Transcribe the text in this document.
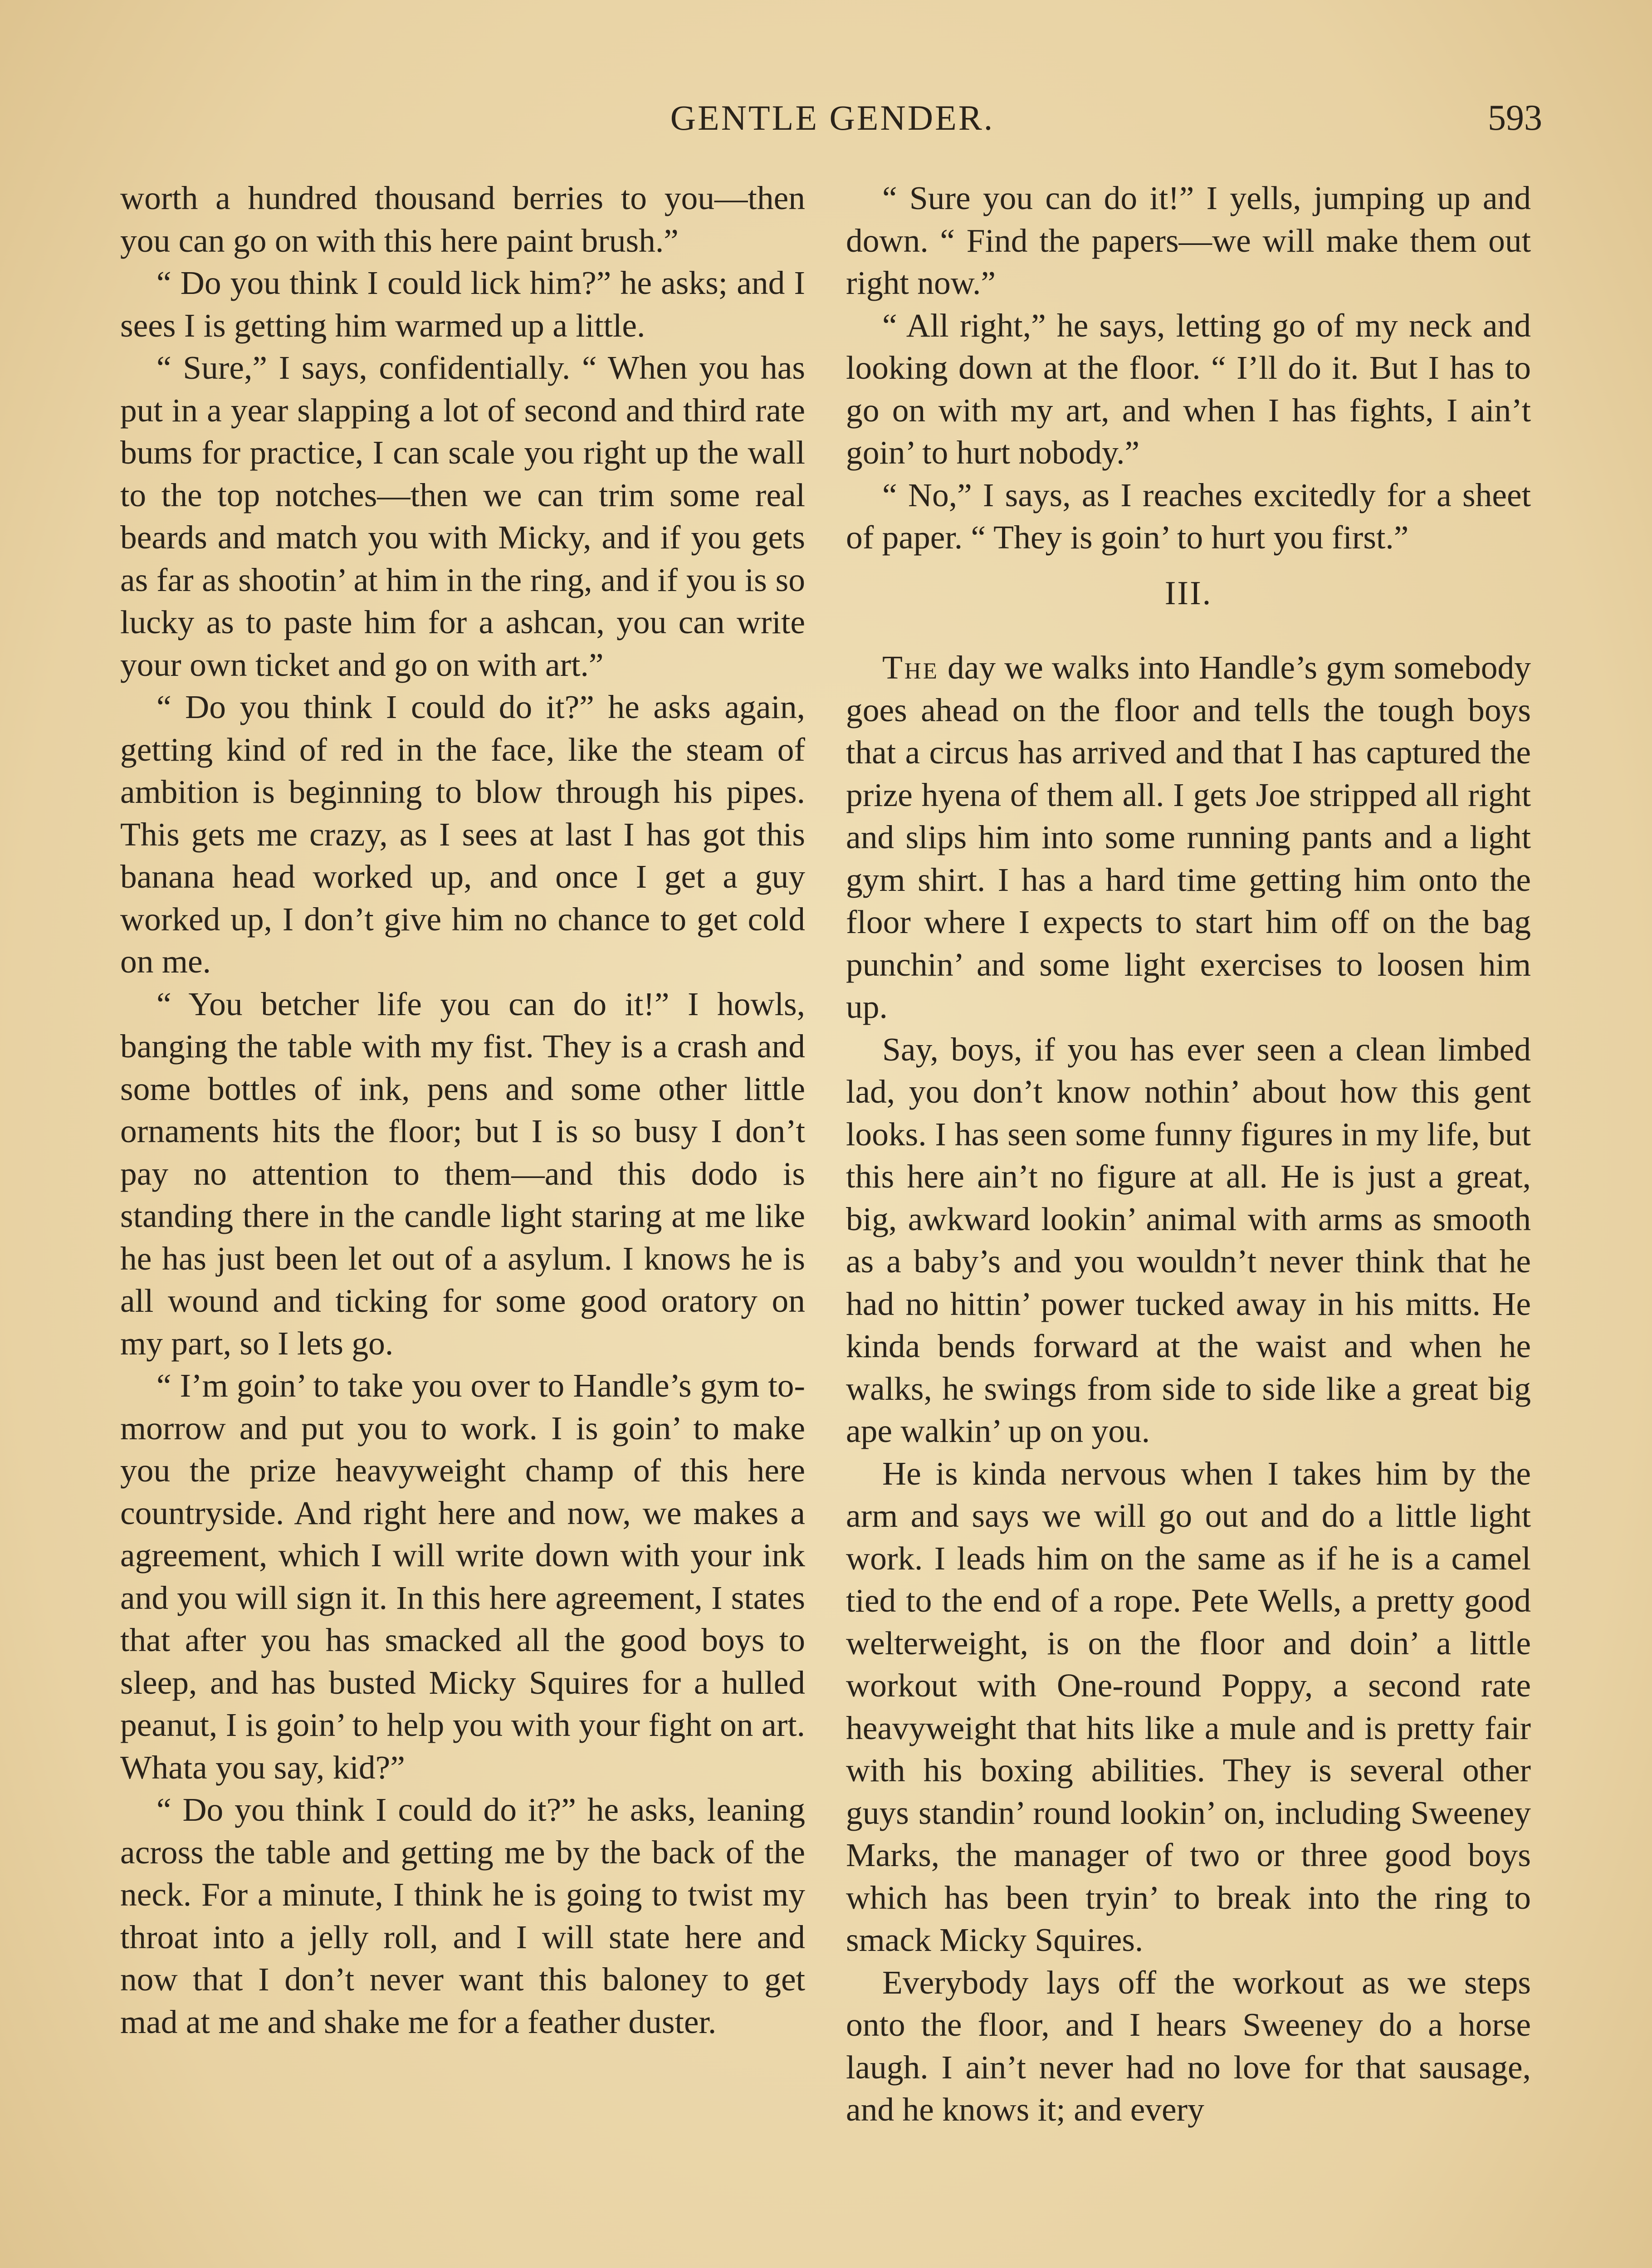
GENTLE GENDER.	593

worth a hundred thousand berries to you—then you can go on with this here paint brush.”

“ Do you think I could lick him?” he asks; and I sees I is getting him warmed up a little.

“ Sure,” I says, confidentially. “ When you has put in a year slapping a lot of second and third rate bums for practice, I can scale you right up the wall to the top notches—then we can trim some real beards and match you with Micky, and if you gets as far as shootin’ at him in the ring, and if you is so lucky as to paste him for a ashcan, you can write your own ticket and go on with art.”

“ Do you think I could do it?” he asks again, getting kind of red in the face, like the steam of ambition is beginning to blow through his pipes. This gets me crazy, as I sees at last I has got this banana head worked up, and once I get a guy worked up, I don’t give him no chance to get cold on me.

“ You betcher life you can do it!” I howls, banging the table with my fist. They is a crash and some bottles of ink, pens and some other little ornaments hits the floor; but I is so busy I don’t pay no attention to them—and this dodo is standing there in the candle light staring at me like he has just been let out of a asylum. I knows he is all wound and ticking for some good oratory on my part, so I lets go.

“ I’m goin’ to take you over to Handle’s gym to-morrow and put you to work. I is goin’ to make you the prize heavyweight champ of this here countryside. And right here and now, we makes a agreement, which I will write down with your ink and you will sign it. In this here agreement, I states that after you has smacked all the good boys to sleep, and has busted Micky Squires for a hulled peanut, I is goin’ to help you with your fight on art. Whata you say, kid?”

“ Do you think I could do it?” he asks, leaning across the table and getting me by the back of the neck. For a minute, I think he is going to twist my throat into a jelly roll, and I will state here and now that I don’t never want this baloney to get mad at me and shake me for a feather duster.

“ Sure you can do it!” I yells, jumping up and down. “ Find the papers—we will make them out right now.”

“ All right,” he says, letting go of my neck and looking down at the floor. “ I’ll do it. But I has to go on with my art, and when I has fights, I ain’t goin’ to hurt nobody.”

“ No,” I says, as I reaches excitedly for a sheet of paper. “ They is goin’ to hurt you first.”

III.

The day we walks into Handle’s gym somebody goes ahead on the floor and tells the tough boys that a circus has arrived and that I has captured the prize hyena of them all. I gets Joe stripped all right and slips him into some running pants and a light gym shirt. I has a hard time getting him onto the floor where I expects to start him off on the bag punchin’ and some light exercises to loosen him up.

Say, boys, if you has ever seen a clean limbed lad, you don’t know nothin’ about how this gent looks. I has seen some funny figures in my life, but this here ain’t no figure at all. He is just a great, big, awkward lookin’ animal with arms as smooth as a baby’s and you wouldn’t never think that he had no hittin’ power tucked away in his mitts. He kinda bends forward at the waist and when he walks, he swings from side to side like a great big ape walkin’ up on you.

He is kinda nervous when I takes him by the arm and says we will go out and do a little light work. I leads him on the same as if he is a camel tied to the end of a rope. Pete Wells, a pretty good welterweight, is on the floor and doin’ a little workout with One-round Poppy, a second rate heavyweight that hits like a mule and is pretty fair with his boxing abilities. They is several other guys standin’ round lookin’ on, including Sweeney Marks, the manager of two or three good boys which has been tryin’ to break into the ring to smack Micky Squires.

Everybody lays off the workout as we steps onto the floor, and I hears Sweeney do a horse laugh. I ain’t never had no love for that sausage, and he knows it; and every
